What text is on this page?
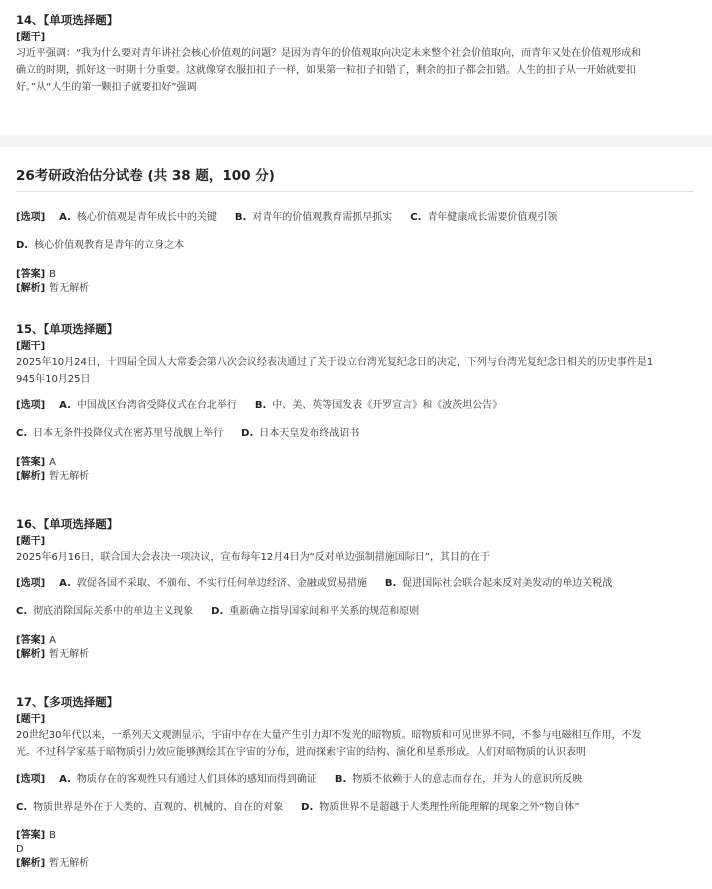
14、【单项选择题】
[题干]
习近平强调：“我为什么要对青年讲社会核心价值观的问题？是因为青年的价值观取向决定未来整个社会价值取向，而青年又处在价值观形成和
确立的时期，抓好这一时期十分重要。这就像穿衣服扣扣子一样，如果第一粒扣子扣错了，剩余的扣子都会扣错。人生的扣子从一开始就要扣
好。”从“人生的第一颗扣子就要扣好”强调
26考研政治估分试卷 (共 38 题，100 分)
[选项] A. 核心价值观是青年成长中的关键 B. 对青年的价值观教育需抓早抓实 C. 青年健康成长需要价值观引领
D. 核心价值观教育是青年的立身之本
[答案] B
[解析] 暂无解析
15、【单项选择题】
[题干]
2025年10月24日，十四届全国人大常委会第八次会议经表决通过了关于设立台湾光复纪念日的决定，下列与台湾光复纪念日相关的历史事件是1
945年10月25日
[选项] A. 中国战区台湾省受降仪式在台北举行 B. 中、美、英等国发表《开罗宣言》和《波茨坦公告》
C. 日本无条件投降仪式在密苏里号战舰上举行 D. 日本天皇发布终战诏书
[答案] A
[解析] 暂无解析
16、【单项选择题】
[题干]
2025年6月16日，联合国大会表决一项决议，宣布每年12月4日为“反对单边强制措施国际日”，其目的在于
[选项] A. 敦促各国不采取、不颁布、不实行任何单边经济、金融或贸易措施 B. 促进国际社会联合起来反对美发动的单边关税战
C. 彻底消除国际关系中的单边主义现象 D. 重新确立指导国家间和平关系的规范和原则
[答案] A
[解析] 暂无解析
17、【多项选择题】
[题干]
20世纪30年代以来，一系列天文观测显示，宇宙中存在大量产生引力却不发光的暗物质。暗物质和可见世界不同，不参与电磁相互作用，不发
光。不过科学家基于暗物质引力效应能够测绘其在宇宙的分布，进而探索宇宙的结构、演化和星系形成。人们对暗物质的认识表明
[选项] A. 物质存在的客观性只有通过人们具体的感知而得到确证 B. 物质不依赖于人的意志而存在，并为人的意识所反映
C. 物质世界是外在于人类的、直观的、机械的、自在的对象 D. 物质世界不是超越于人类理性所能理解的现象之外“物自体”
[答案] B
D
[解析] 暂无解析
